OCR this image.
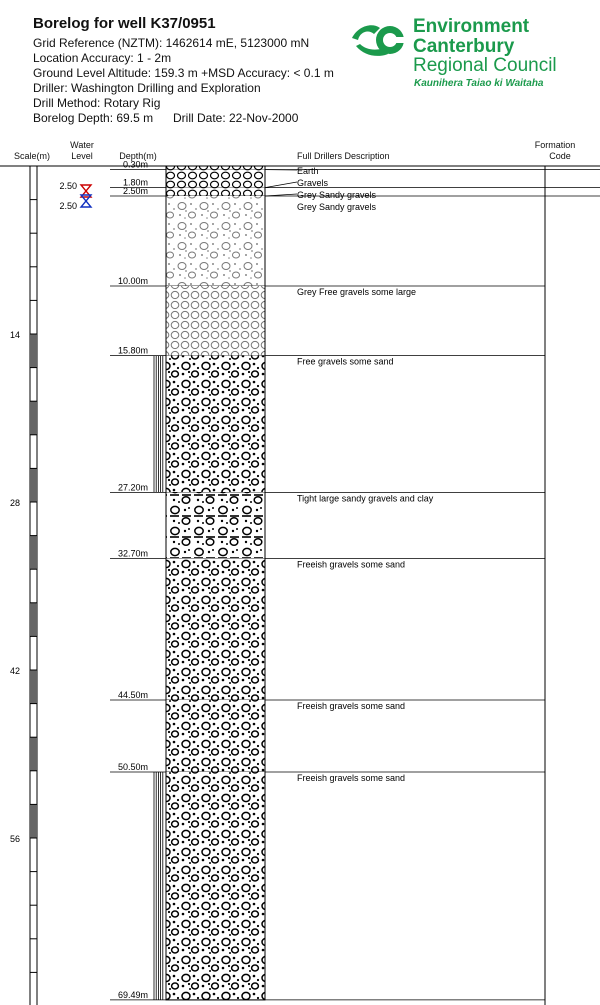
Borelog for well K37/0951
Grid Reference (NZTM): 1462614 mE, 5123000 mN
Location Accuracy: 1 - 2m
Ground Level Altitude: 159.3 m +MSD Accuracy: < 0.1 m
Driller: Washington Drilling and Exploration
Drill Method: Rotary Rig
Borelog Depth: 69.5 m Drill Date: 22-Nov-2000
Environment
Canterbury
Regional Council
Kaunihera Taiao ki Waitaha
Scale(m)
Water
Level	Depth(m)	Full Drillers Description
Formation
Code
14
28
42
56
0.30m
1.80m
2.50m
10.00m
15.80m
27.20m
32.70m
44.50m
50.50m
69.49m
Earth
Gravels
Grey Sandy gravels
Grey Sandy gravels
Grey Free gravels some large
Free gravels some sand
Tight large sandy gravels and clay
Freeish gravels some sand
Freeish gravels some sand
Freeish gravels some sand
2.50
2.50
